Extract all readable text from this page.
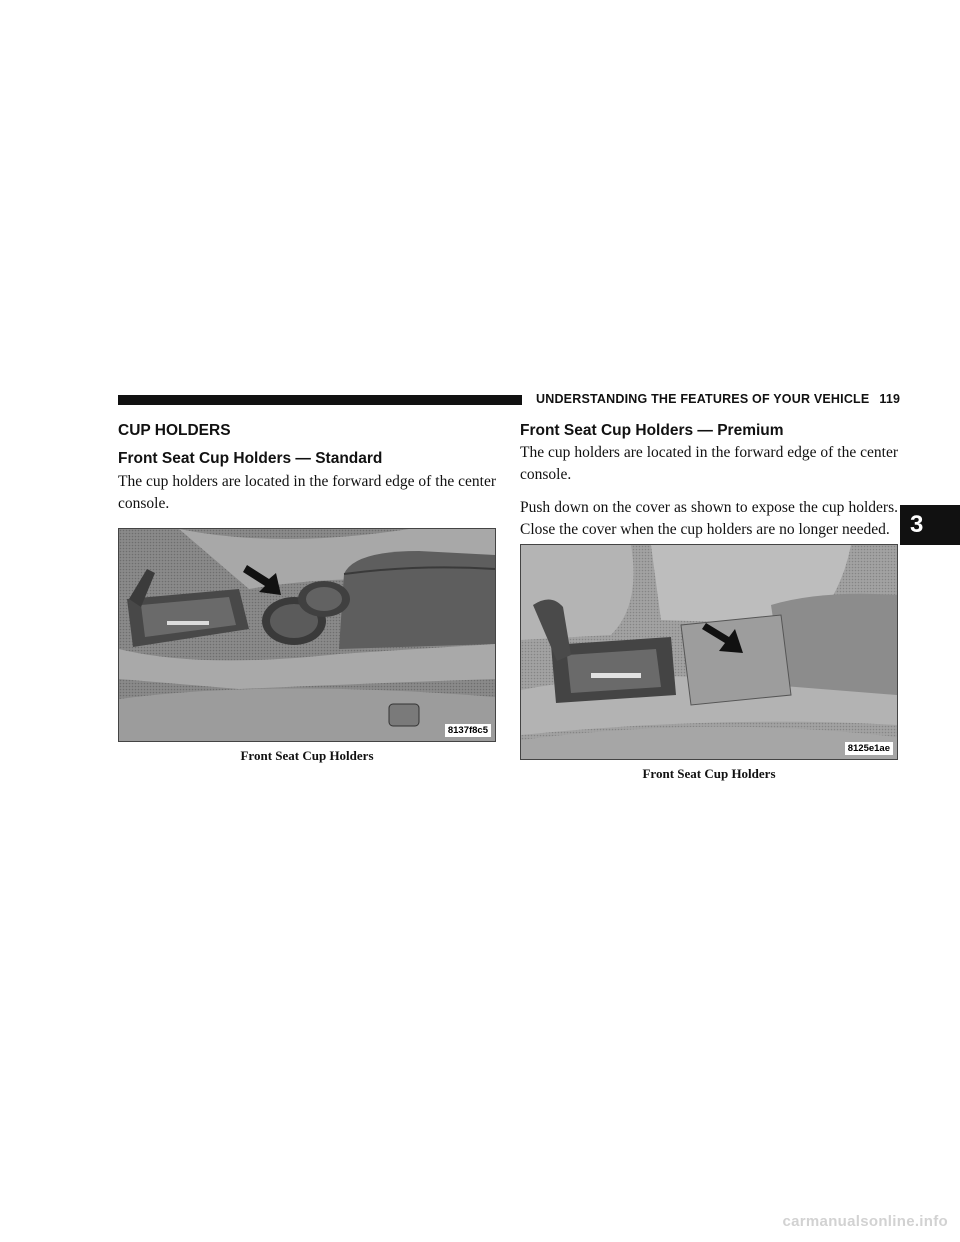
UNDERSTANDING THE FEATURES OF YOUR VEHICLE 119
3
CUP HOLDERS
Front Seat Cup Holders — Standard

The cup holders are located in the forward edge of the center console.

8137f8c5
Front Seat Cup Holders
Front Seat Cup Holders — Premium

The cup holders are located in the forward edge of the center console.

Push down on the cover as shown to expose the cup holders. Close the cover when the cup holders are no longer needed.

8125e1ae
Front Seat Cup Holders
carmanualsonline.info
